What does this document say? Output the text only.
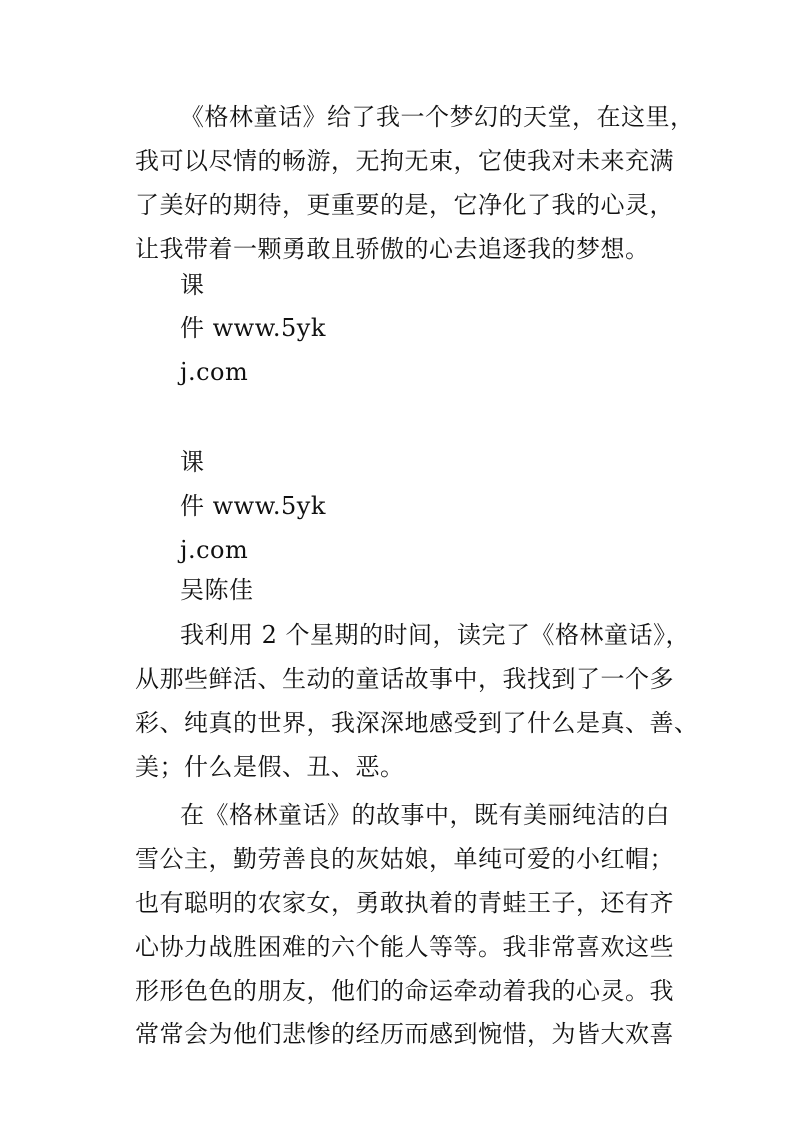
《格林童话》给了我一个梦幻的天堂，在这里，
我可以尽情的畅游，无拘无束，它使我对未来充满
了美好的期待，更重要的是，它净化了我的心灵，
让我带着一颗勇敢且骄傲的心去追逐我的梦想。
课
件 www.5yk
j.com
课
件 www.5yk
j.com
吴陈佳
我利用 2 个星期的时间，读完了《格林童话》，
从那些鲜活、生动的童话故事中，我找到了一个多
彩、纯真的世界，我深深地感受到了什么是真、善、
美；什么是假、丑、恶。
在《格林童话》的故事中，既有美丽纯洁的白
雪公主，勤劳善良的灰姑娘，单纯可爱的小红帽；
也有聪明的农家女，勇敢执着的青蛙王子，还有齐
心协力战胜困难的六个能人等等。我非常喜欢这些
形形色色的朋友，他们的命运牵动着我的心灵。我
常常会为他们悲惨的经历而感到惋惜，为皆大欢喜
